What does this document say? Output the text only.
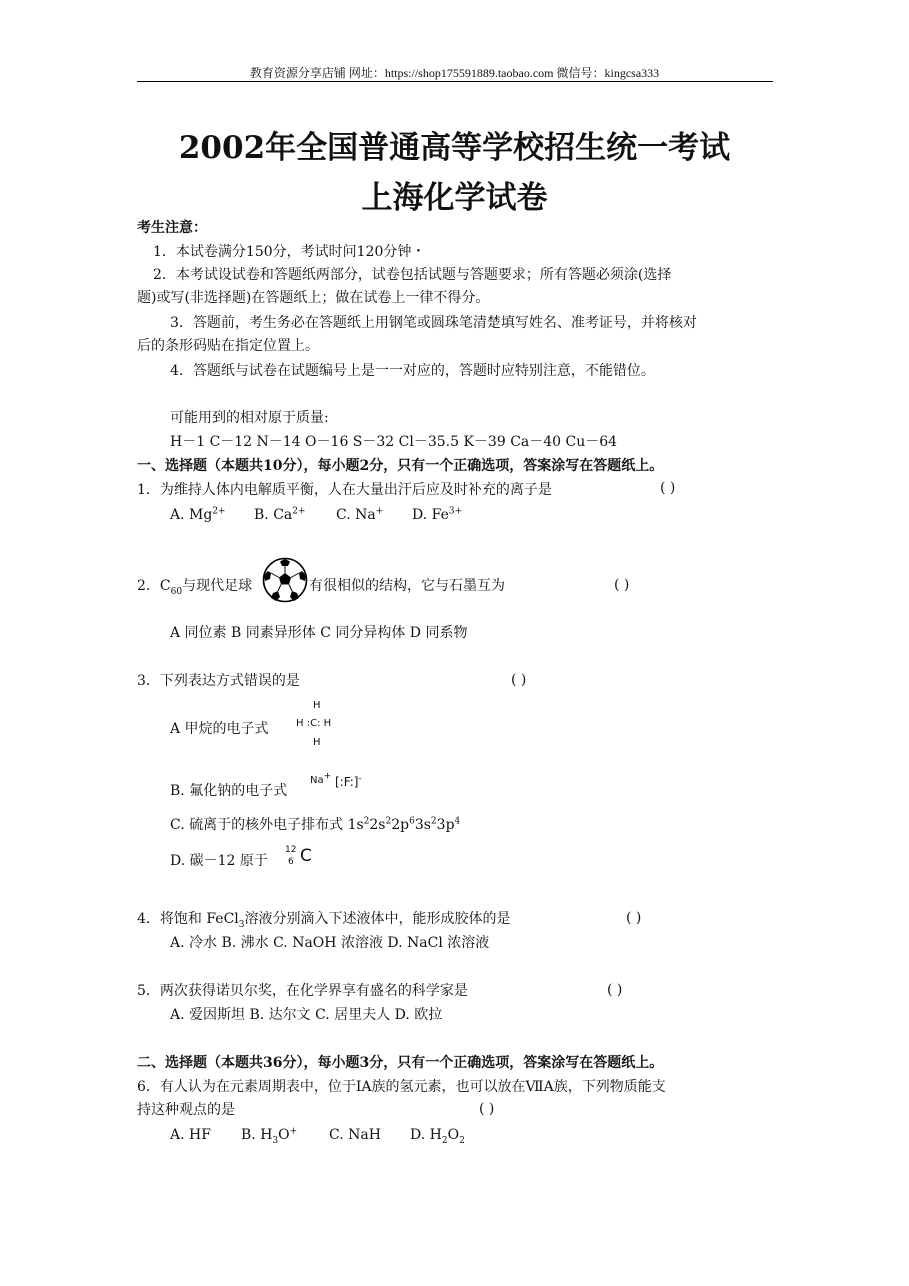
教育资源分享店铺 网址：https://shop175591889.taobao.com 微信号：kingcsa333
2002年全国普通高等学校招生统一考试
上海化学试卷
考生注意：
1．本试卷满分150分，考试时问120分钟・
2．本考试设试卷和答题纸两部分，试卷包括试题与答题要求；所有答题必须涂(选择
题)或写(非选择题)在答题纸上；做在试卷上一律不得分。
3．答题前，考生务必在答题纸上用钢笔或圆珠笔清楚填写姓名、准考证号，并将核对
后的条形码贴在指定位置上。
4．答题纸与试卷在试题编号上是一一对应的，答题时应特别注意，不能错位。
可能用到的相对原于质量:
H－1 C－12 N－14 O－16 S－32 Cl－35.5 K－39 Ca－40 Cu－64
一、选择题（本题共10分），每小题2分，只有一个正确选项，答案涂写在答题纸上。
1．为维持人体内电解质平衡，人在大量出汗后应及时补充的离子是	( )
A. $Mg^{2+}$ B. $Ca^{2+}$ C. Na+ D. $Fe^{3+}$
2．$C_{60}$与现代足球	有很相似的结构，它与石墨互为	( )
A 同位素 B 同素异形体 C 同分异构体 D 同系物
3．下列表达方式错误的是	( )
A 甲烷的电子式
H
H :C: H
H
B. 氟化钠的电子式
Na+ [:F:]-
C. 硫离于的核外电子排布式 $1s^22s^22p^63s^23p^4$
D. 碳－12 原于
12
6 C
4．将饱和 FeCl$_3$溶液分别滴入下述液体中，能形成胶体的是	( )
A. 冷水 B. 沸水 C. NaOH 浓溶液 D. NaCl 浓溶液
5．两次获得诺贝尔奖，在化学界享有盛名的科学家是	( )
A. 爱因斯坦 B. 达尔文 C. 居里夫人 D. 欧拉
二、选择题（本题共36分），每小题3分，只有一个正确选项，答案涂写在答题纸上。
6．有人认为在元素周期表中，位于ⅠA族的氢元素，也可以放在ⅦA族，下列物质能支
持这种观点的是	( )
A. HF B. $H_3O^+$ C. NaH D. $H_2O_2$
